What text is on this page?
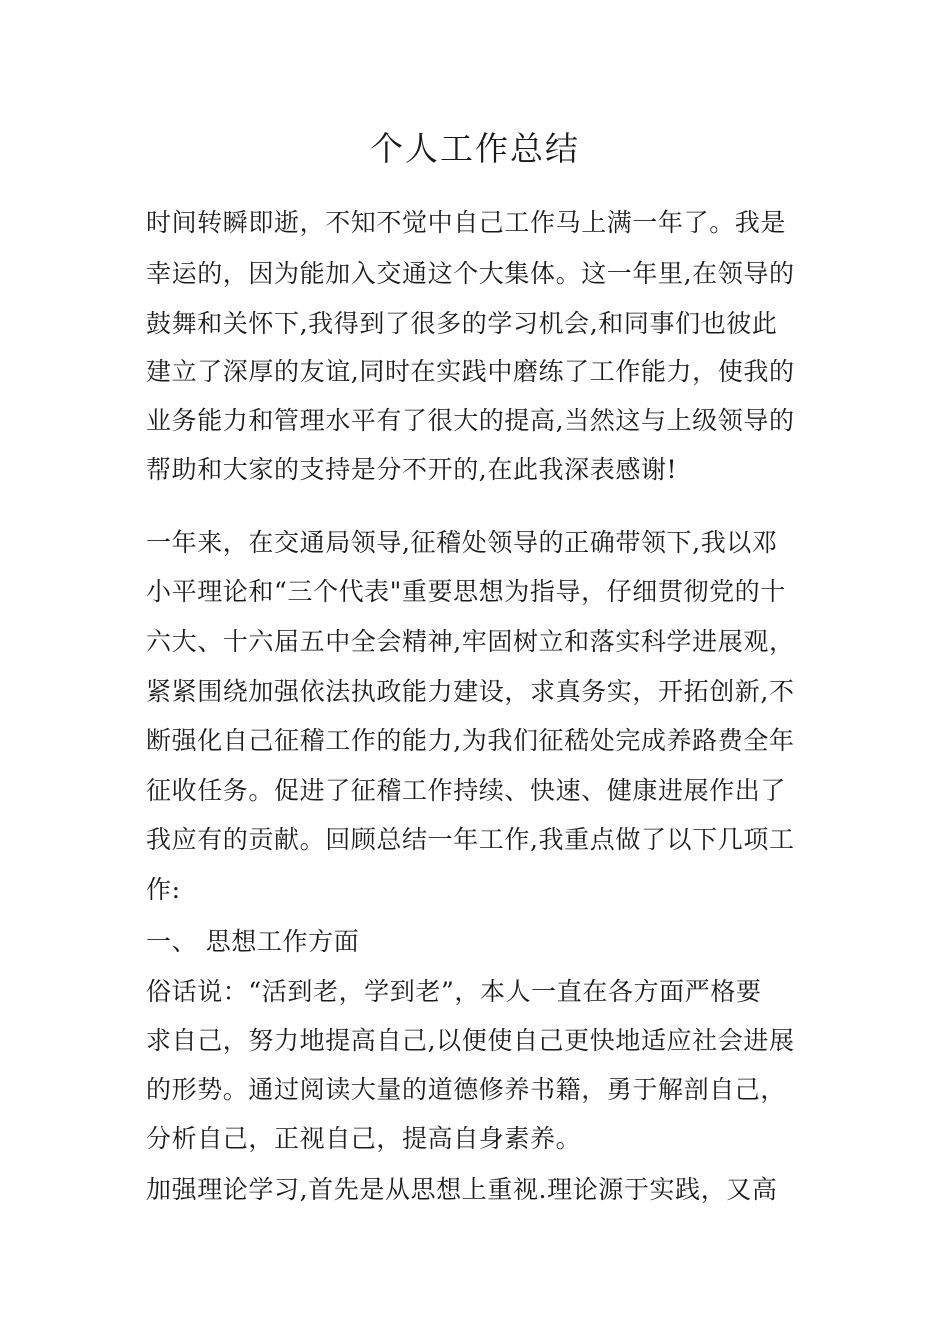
个人工作总结
时间转瞬即逝，不知不觉中自己工作马上满一年了。我是
幸运的，因为能加入交通这个大集体。这一年里,在领导的
鼓舞和关怀下,我得到了很多的学习机会,和同事们也彼此
建立了深厚的友谊,同时在实践中磨练了工作能力，使我的
业务能力和管理水平有了很大的提高,当然这与上级领导的
帮助和大家的支持是分不开的,在此我深表感谢!
一年来，在交通局领导,征稽处领导的正确带领下,我以邓
小平理论和“三个代表"重要思想为指导，仔细贯彻党的十
六大、十六届五中全会精神,牢固树立和落实科学进展观，
紧紧围绕加强依法执政能力建设，求真务实，开拓创新,不
断强化自己征稽工作的能力,为我们征嵇处完成养路费全年
征收任务。促进了征稽工作持续、快速、健康进展作出了
我应有的贡献。回顾总结一年工作,我重点做了以下几项工
作:
一、 思想工作方面
俗话说：“活到老，学到老”，本人一直在各方面严格要
求自己，努力地提高自己,以便使自己更快地适应社会进展
的形势。通过阅读大量的道德修养书籍，勇于解剖自己，
分析自己，正视自己，提高自身素养。
加强理论学习,首先是从思想上重视.理论源于实践，又高
